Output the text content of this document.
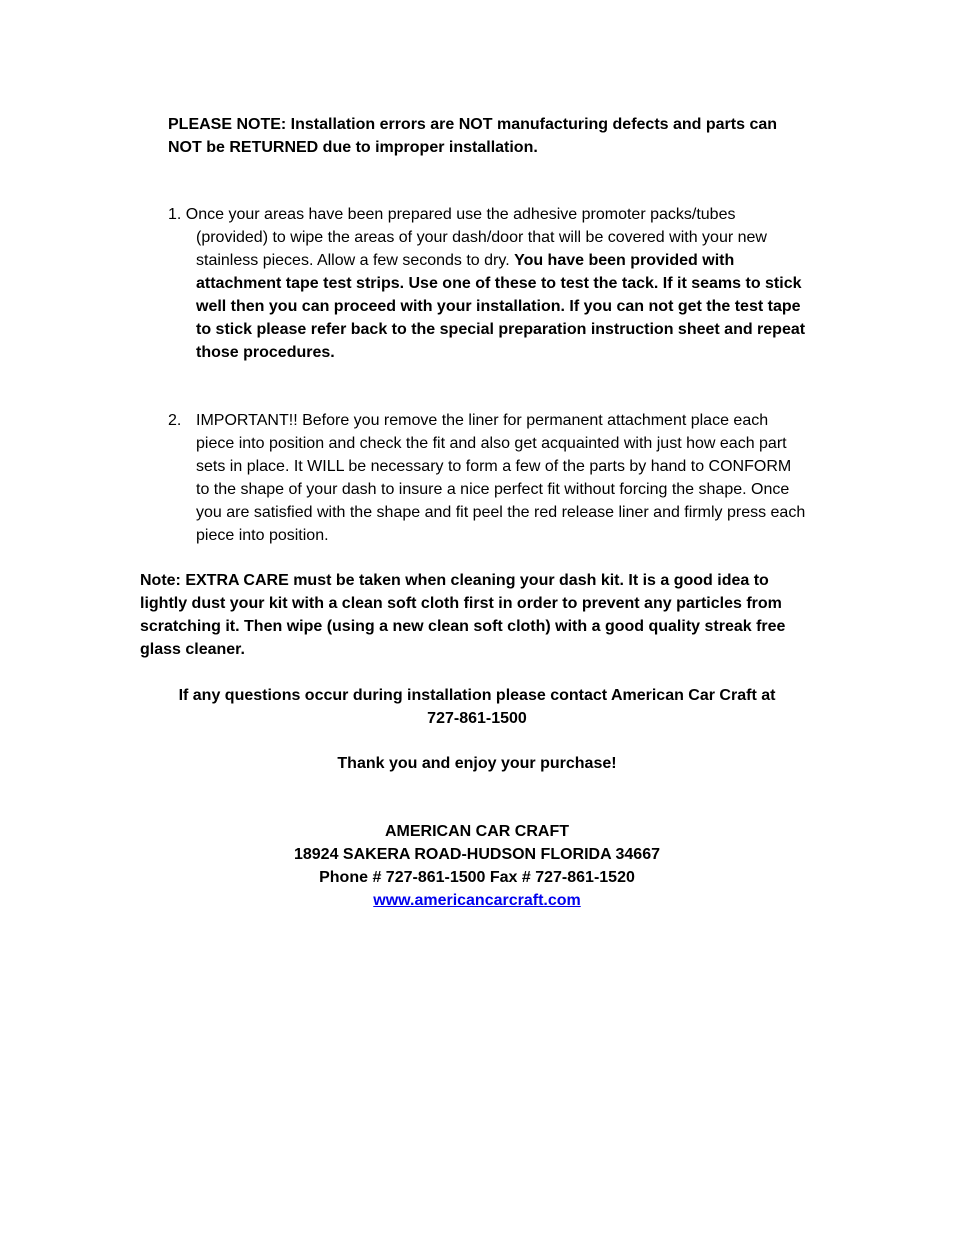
PLEASE NOTE: Installation errors are NOT manufacturing defects and parts can NOT be RETURNED due to improper installation.

1. Once your areas have been prepared use the adhesive promoter packs/tubes (provided) to wipe the areas of your dash/door that will be covered with your new stainless pieces. Allow a few seconds to dry. You have been provided with attachment tape test strips. Use one of these to test the tack. If it seams to stick well then you can proceed with your installation. If you can not get the test tape to stick please refer back to the special preparation instruction sheet and repeat those procedures.
2. IMPORTANT!! Before you remove the liner for permanent attachment place each piece into position and check the fit and also get acquainted with just how each part sets in place. It WILL be necessary to form a few of the parts by hand to CONFORM to the shape of your dash to insure a nice perfect fit without forcing the shape. Once you are satisfied with the shape and fit peel the red release liner and firmly press each piece into position.

Note: EXTRA CARE must be taken when cleaning your dash kit. It is a good idea to lightly dust your kit with a clean soft cloth first in order to prevent any particles from scratching it. Then wipe (using a new clean soft cloth) with a good quality streak free glass cleaner.

If any questions occur during installation please contact American Car Craft at
727-861-1500
Thank you and enjoy your purchase!
AMERICAN CAR CRAFT
18924 SAKERA ROAD-HUDSON FLORIDA 34667
Phone # 727-861-1500 Fax # 727-861-1520
www.americancarcraft.com
